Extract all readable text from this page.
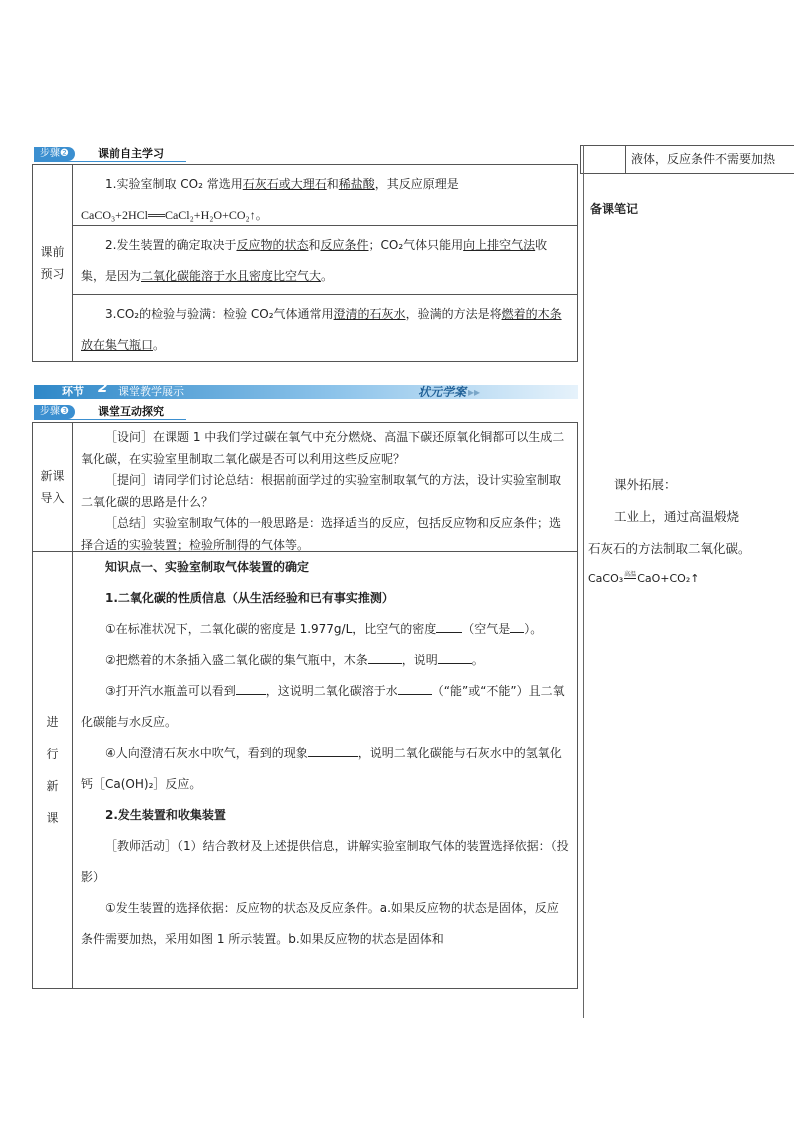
步骤❷	课前自主学习
课前预习

1.实验室制取 CO₂ 常选用石灰石或大理石和稀盐酸，其反应原理是

CaCO₃+2HCl══CaCl₂+H₂O+CO₂↑。

2.发生装置的确定取决于反应物的状态和反应条件；CO₂气体只能用向上排空气法收集，是因为二氧化碳能溶于水且密度比空气大。

3.CO₂的检验与验满：检验 CO₂气体通常用澄清的石灰水，验满的方法是将燃着的木条放在集气瓶口。

环节 2 课堂教学展示	状元学案 ▸▸
步骤❸	课堂互动探究
新课导入

［设问］在课题 1 中我们学过碳在氧气中充分燃烧、高温下碳还原氧化铜都可以生成二氧化碳，在实验室里制取二氧化碳是否可以利用这些反应呢？

［提问］请同学们讨论总结：根据前面学过的实验室制取氧气的方法，设计实验室制取二氧化碳的思路是什么？

［总结］实验室制取气体的一般思路是：选择适当的反应，包括反应物和反应条件；选择合适的实验装置；检验所制得的气体等。

进行新课

知识点一、实验室制取气体装置的确定

1.二氧化碳的性质信息（从生活经验和已有事实推测）

①在标准状况下，二氧化碳的密度是 1.977g/L，比空气的密度 （空气是 ）。

②把燃着的木条插入盛二氧化碳的集气瓶中，木条	，说明	。

③打开汽水瓶盖可以看到	，这说明二氧化碳溶于水	（“能”或“不能”）且二氧化碳能与水反应。

④人向澄清石灰水中吹气，看到的现象	，说明二氧化碳能与石灰水中的氢氧化钙［Ca(OH)₂］反应。

2.发生装置和收集装置

［教师活动］（1）结合教材及上述提供信息，讲解实验室制取气体的装置选择依据：（投影）

①发生装置的选择依据：反应物的状态及反应条件。a.如果反应物的状态是固体，反应条件需要加热，采用如图 1 所示装置。b.如果反应物的状态是固体和

液体，反应条件不需要加热
备课笔记
课外拓展：
工业上，通过高温煅烧
石灰石的方法制取二氧化碳。
CaCO₃高温CaO+CO₂↑
